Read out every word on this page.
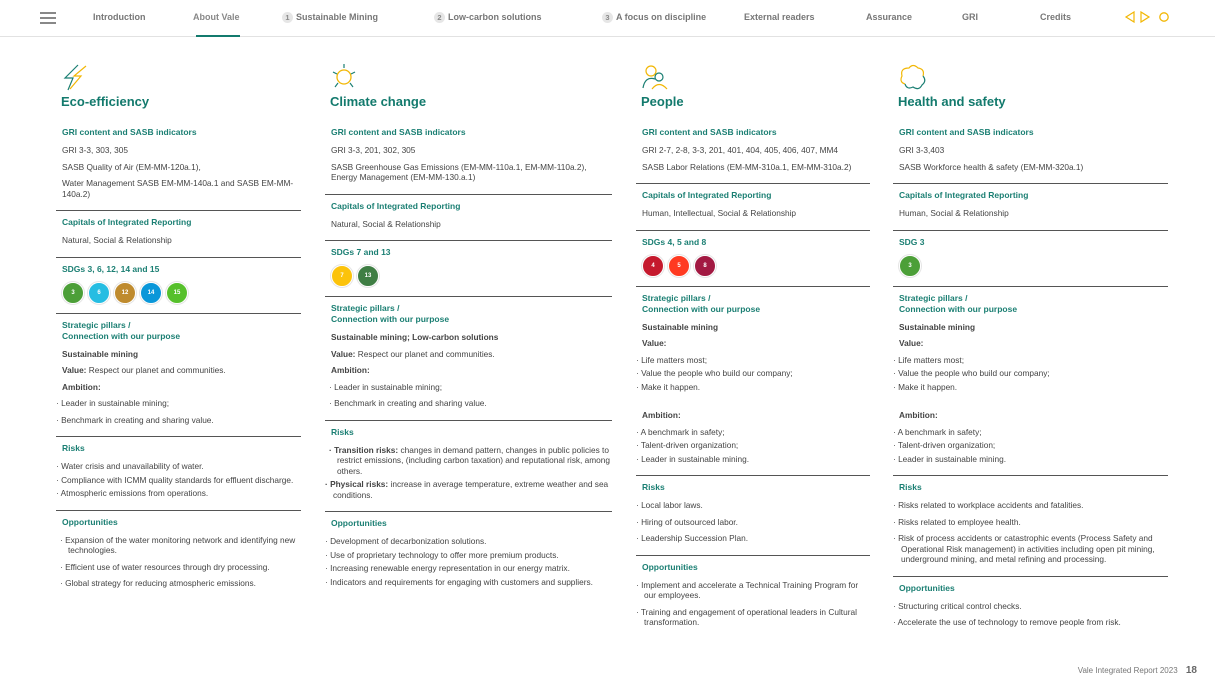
Introduction	About Vale	1 Sustainable Mining	2 Low-carbon solutions	3 A focus on discipline	External readers	Assurance	GRI	Credits
Eco-efficiency
GRI content and SASB indicators
GRI 3-3, 303, 305
SASB Quality of Air (EM-MM-120a.1),
Water Management SASB EM-MM-140a.1 and SASB EM-MM-140a.2)
Capitals of Integrated Reporting
Natural, Social & Relationship
SDGs 3, 6, 12, 14 and 15
3	6	12	14	15
Strategic pillars /
Connection with our purpose
Sustainable mining
Value: Respect our planet and communities.
Ambition:
· Leader in sustainable mining;
· Benchmark in creating and sharing value.
Risks
· Water crisis and unavailability of water.
· Compliance with ICMM quality standards for effluent discharge.
· Atmospheric emissions from operations.
Opportunities
· Expansion of the water monitoring network and identifying new technologies.
· Efficient use of water resources through dry processing.
· Global strategy for reducing atmospheric emissions.
Climate change
GRI content and SASB indicators
GRI 3-3, 201, 302, 305
SASB Greenhouse Gas Emissions (EM-MM-110a.1, EM-MM-110a.2), Energy Management (EM-MM-130.a.1)
Capitals of Integrated Reporting
Natural, Social & Relationship
SDGs 7 and 13
7	13
Strategic pillars /
Connection with our purpose
Sustainable mining; Low-carbon solutions
Value: Respect our planet and communities.
Ambition:
· Leader in sustainable mining;
· Benchmark in creating and sharing value.
Risks
· Transition risks: changes in demand pattern, changes in public policies to restrict emissions, (including carbon taxation) and reputational risk, among others.
· Physical risks: increase in average temperature, extreme weather and sea conditions.
Opportunities
· Development of decarbonization solutions.
· Use of proprietary technology to offer more premium products.
· Increasing renewable energy representation in our energy matrix.
· Indicators and requirements for engaging with customers and suppliers.
People
GRI content and SASB indicators
GRI 2-7, 2-8, 3-3, 201, 401, 404, 405, 406, 407, MM4
SASB Labor Relations (EM-MM-310a.1, EM-MM-310a.2)
Capitals of Integrated Reporting
Human, Intellectual, Social & Relationship
SDGs 4, 5 and 8
4	5	8
Strategic pillars /
Connection with our purpose
Sustainable mining
Value:
· Life matters most;
· Value the people who build our company;
· Make it happen.
Ambition:
· A benchmark in safety;
· Talent-driven organization;
· Leader in sustainable mining.
Risks
· Local labor laws.
· Hiring of outsourced labor.
· Leadership Succession Plan.
Opportunities
· Implement and accelerate a Technical Training Program for our employees.
· Training and engagement of operational leaders in Cultural transformation.
Health and safety
GRI content and SASB indicators
GRI 3-3,403
SASB Workforce health & safety (EM-MM-320a.1)
Capitals of Integrated Reporting
Human, Social & Relationship
SDG 3
3
Strategic pillars /
Connection with our purpose
Sustainable mining
Value:
· Life matters most;
· Value the people who build our company;
· Make it happen.
Ambition:
· A benchmark in safety;
· Talent-driven organization;
· Leader in sustainable mining.
Risks
· Risks related to workplace accidents and fatalities.
· Risks related to employee health.
· Risk of process accidents or catastrophic events (Process Safety and Operational Risk management) in activities including open pit mining, underground mining, and metal refining and processing.
Opportunities
· Structuring critical control checks.
· Accelerate the use of technology to remove people from risk.
Vale Integrated Report 2023 18
